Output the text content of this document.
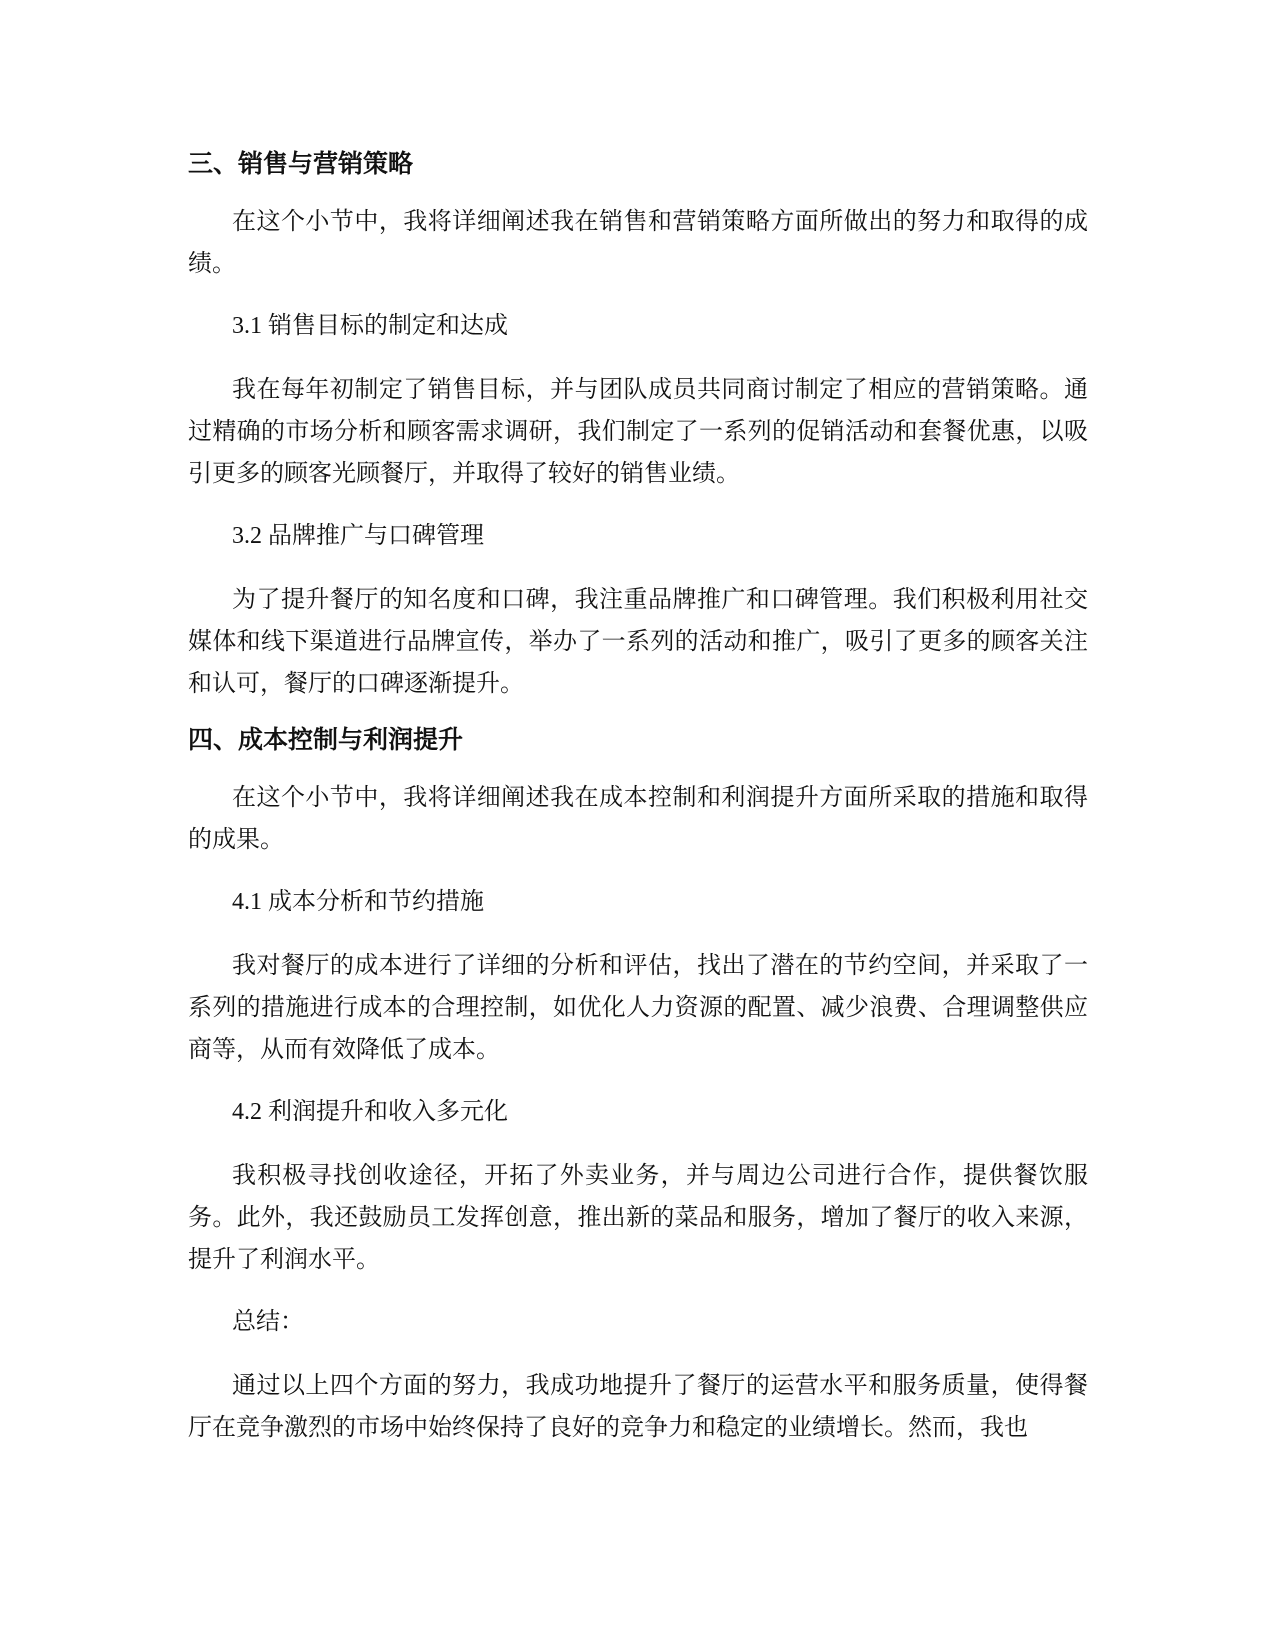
三、销售与营销策略

在这个小节中，我将详细阐述我在销售和营销策略方面所做出的努力和取得的成绩。

3.1 销售目标的制定和达成

我在每年初制定了销售目标，并与团队成员共同商讨制定了相应的营销策略。通过精确的市场分析和顾客需求调研，我们制定了一系列的促销活动和套餐优惠，以吸引更多的顾客光顾餐厅，并取得了较好的销售业绩。

3.2 品牌推广与口碑管理

为了提升餐厅的知名度和口碑，我注重品牌推广和口碑管理。我们积极利用社交媒体和线下渠道进行品牌宣传，举办了一系列的活动和推广，吸引了更多的顾客关注和认可，餐厅的口碑逐渐提升。

四、成本控制与利润提升

在这个小节中，我将详细阐述我在成本控制和利润提升方面所采取的措施和取得的成果。

4.1 成本分析和节约措施

我对餐厅的成本进行了详细的分析和评估，找出了潜在的节约空间，并采取了一系列的措施进行成本的合理控制，如优化人力资源的配置、减少浪费、合理调整供应商等，从而有效降低了成本。

4.2 利润提升和收入多元化

我积极寻找创收途径，开拓了外卖业务，并与周边公司进行合作，提供餐饮服务。此外，我还鼓励员工发挥创意，推出新的菜品和服务，增加了餐厅的收入来源，提升了利润水平。

总结：

通过以上四个方面的努力，我成功地提升了餐厅的运营水平和服务质量，使得餐厅在竞争激烈的市场中始终保持了良好的竞争力和稳定的业绩增长。然而，我也
